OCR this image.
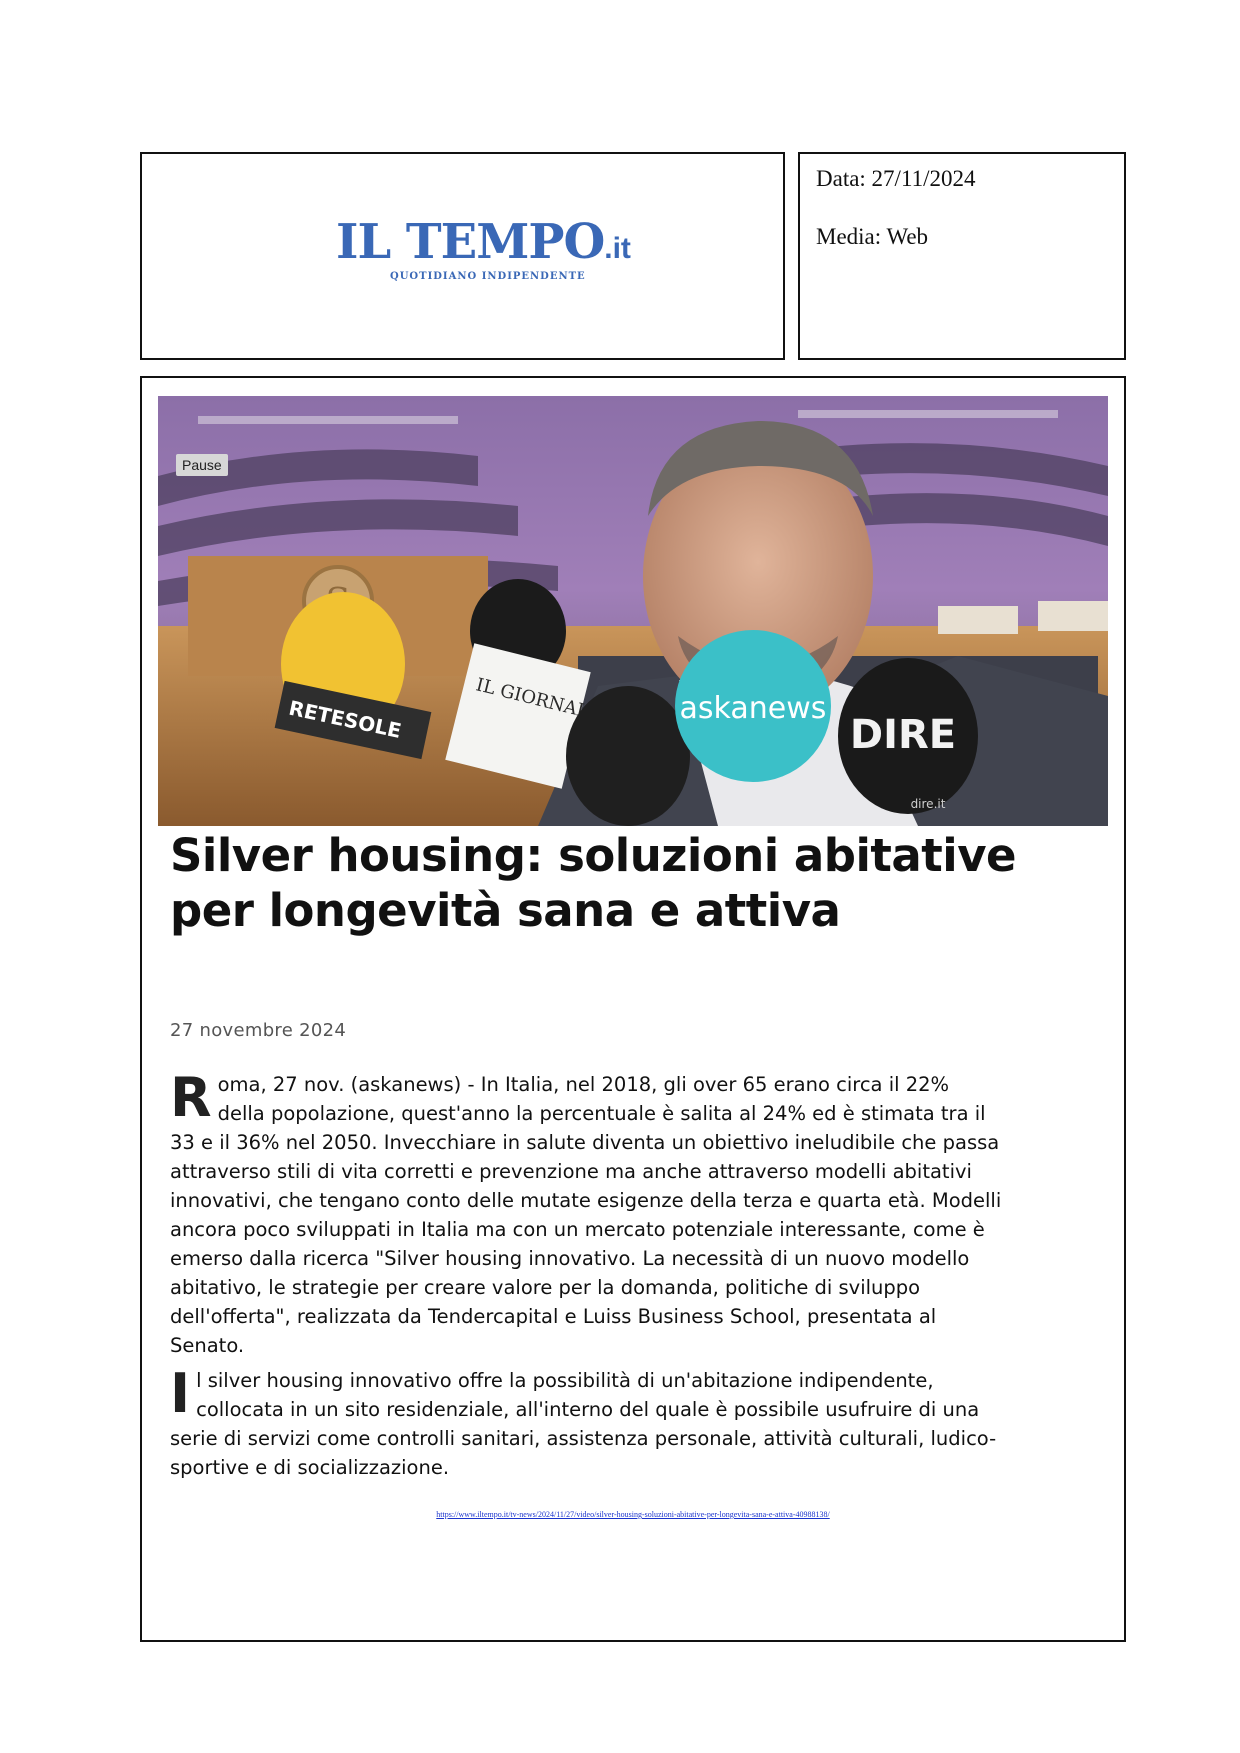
IL TEMPO.it
QUOTIDIANO INDIPENDENTE
Data: 27/11/2024
Media: Web
RETESOLE
IL GIORNALE	askanews
DIRE
dire.it
Pause
Silver housing: soluzioni abitative per longevità sana e attiva
27 novembre 2024

Roma, 27 nov. (askanews) - In Italia, nel 2018, gli over 65 erano circa il 22% della popolazione, quest'anno la percentuale è salita al 24% ed è stimata tra il 33 e il 36% nel 2050. Invecchiare in salute diventa un obiettivo ineludibile che passa attraverso stili di vita corretti e prevenzione ma anche attraverso modelli abitativi innovativi, che tengano conto delle mutate esigenze della terza e quarta età. Modelli ancora poco sviluppati in Italia ma con un mercato potenziale interessante, come è emerso dalla ricerca "Silver housing innovativo. La necessità di un nuovo modello abitativo, le strategie per creare valore per la domanda, politiche di sviluppo dell'offerta", realizzata da Tendercapital e Luiss Business School, presentata al Senato.

Il silver housing innovativo offre la possibilità di un'abitazione indipendente, collocata in un sito residenziale, all'interno del quale è possibile usufruire di una serie di servizi come controlli sanitari, assistenza personale, attività culturali, ludico-sportive e di socializzazione.

https://www.iltempo.it/tv-news/2024/11/27/video/silver-housing-soluzioni-abitative-per-longevita-sana-e-attiva-40988138/
